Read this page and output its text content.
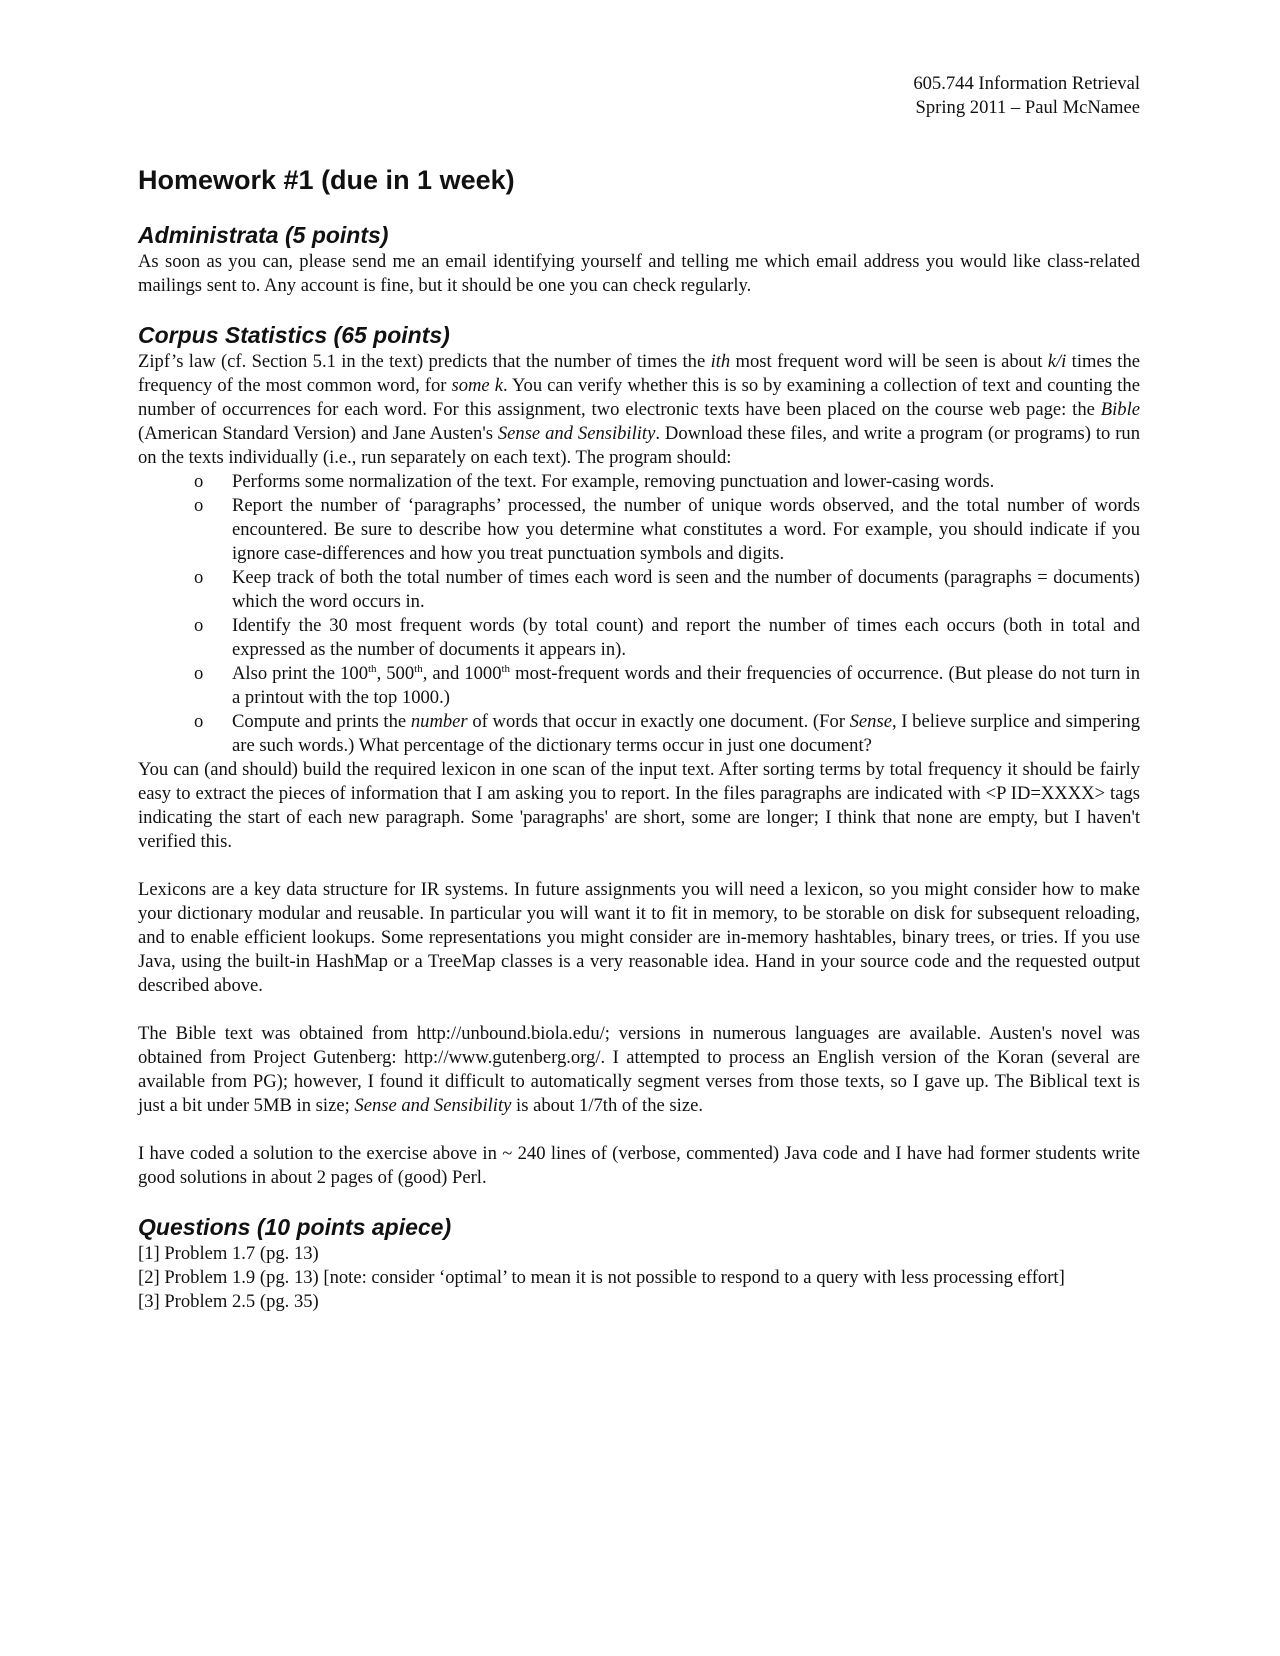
605.744 Information Retrieval
Spring 2011 – Paul McNamee
Homework #1 (due in 1 week)
Administrata (5 points)

As soon as you can, please send me an email identifying yourself and telling me which email address you would like class-related mailings sent to. Any account is fine, but it should be one you can check regularly.

Corpus Statistics (65 points)

Zipf’s law (cf. Section 5.1 in the text) predicts that the number of times the ith most frequent word will be seen is about k/i times the frequency of the most common word, for some k. You can verify whether this is so by examining a collection of text and counting the number of occurrences for each word. For this assignment, two electronic texts have been placed on the course web page: the Bible (American Standard Version) and Jane Austen's Sense and Sensibility. Download these files, and write a program (or programs) to run on the texts individually (i.e., run separately on each text). The program should:

o Performs some normalization of the text. For example, removing punctuation and lower-casing words.
o Report the number of ‘paragraphs’ processed, the number of unique words observed, and the total number of words encountered. Be sure to describe how you determine what constitutes a word. For example, you should indicate if you ignore case-differences and how you treat punctuation symbols and digits.
o Keep track of both the total number of times each word is seen and the number of documents (paragraphs = documents) which the word occurs in.
o Identify the 30 most frequent words (by total count) and report the number of times each occurs (both in total and expressed as the number of documents it appears in).
o Also print the 100th, 500th, and 1000th most-frequent words and their frequencies of occurrence. (But please do not turn in a printout with the top 1000.)
o Compute and prints the number of words that occur in exactly one document. (For Sense, I believe surplice and simpering are such words.) What percentage of the dictionary terms occur in just one document?

You can (and should) build the required lexicon in one scan of the input text. After sorting terms by total frequency it should be fairly easy to extract the pieces of information that I am asking you to report. In the files paragraphs are indicated with <P ID=XXXX> tags indicating the start of each new paragraph. Some 'paragraphs' are short, some are longer; I think that none are empty, but I haven't verified this.

Lexicons are a key data structure for IR systems. In future assignments you will need a lexicon, so you might consider how to make your dictionary modular and reusable. In particular you will want it to fit in memory, to be storable on disk for subsequent reloading, and to enable efficient lookups. Some representations you might consider are in-memory hashtables, binary trees, or tries. If you use Java, using the built-in HashMap or a TreeMap classes is a very reasonable idea. Hand in your source code and the requested output described above.

The Bible text was obtained from http://unbound.biola.edu/; versions in numerous languages are available. Austen's novel was obtained from Project Gutenberg: http://www.gutenberg.org/. I attempted to process an English version of the Koran (several are available from PG); however, I found it difficult to automatically segment verses from those texts, so I gave up. The Biblical text is just a bit under 5MB in size; Sense and Sensibility is about 1/7th of the size.

I have coded a solution to the exercise above in ~ 240 lines of (verbose, commented) Java code and I have had former students write good solutions in about 2 pages of (good) Perl.

Questions (10 points apiece)
[1] Problem 1.7 (pg. 13)
[2] Problem 1.9 (pg. 13) [note: consider ‘optimal’ to mean it is not possible to respond to a query with less processing effort]
[3] Problem 2.5 (pg. 35)
